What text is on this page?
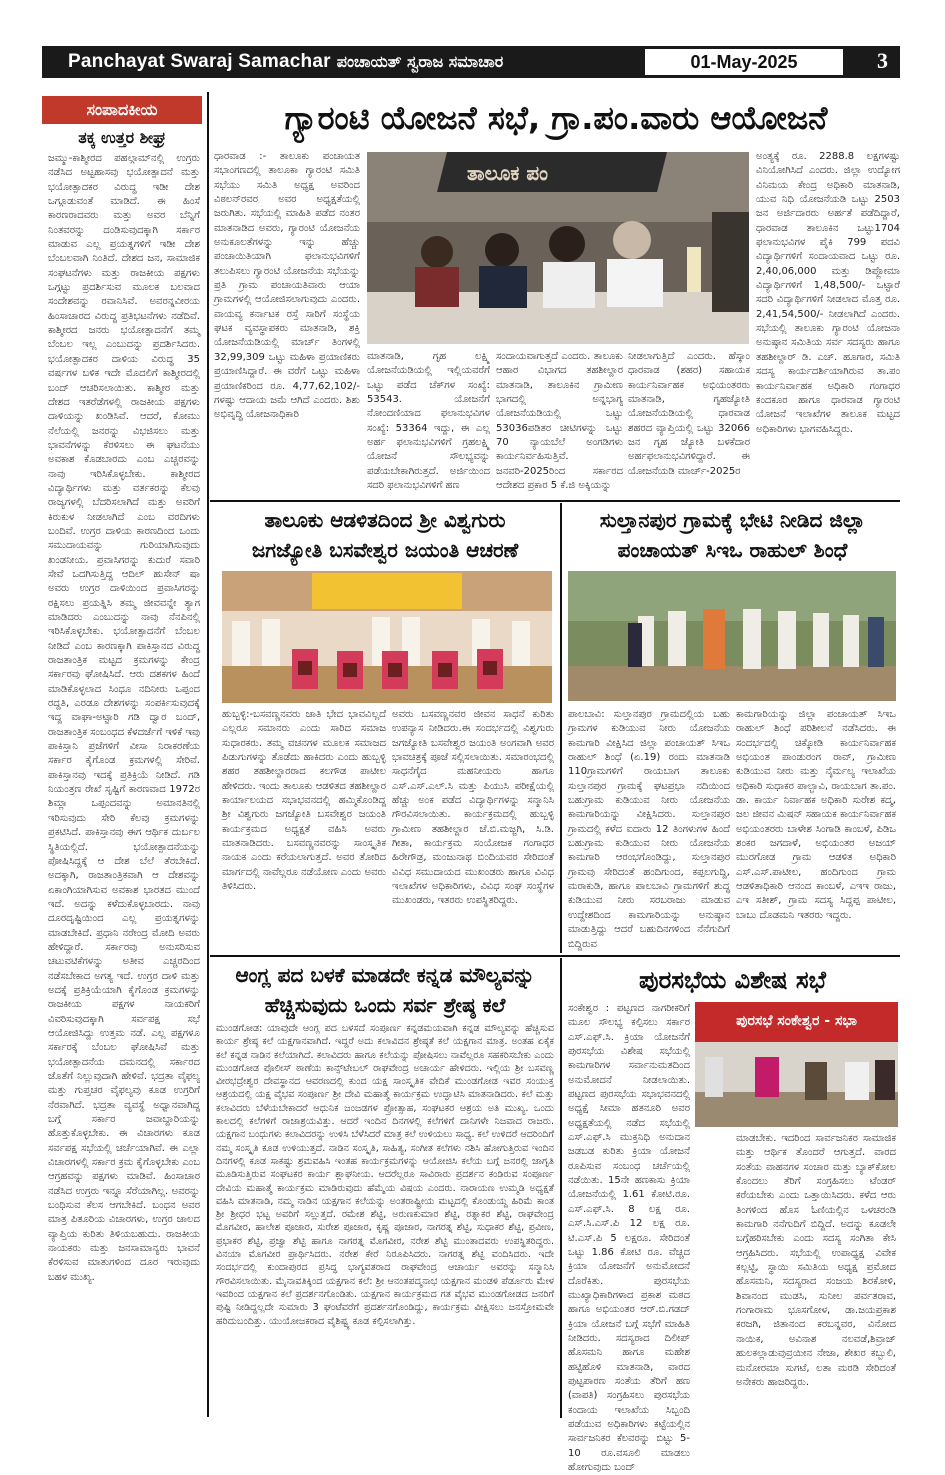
Panchayat Swaraj Samachar ಪಂಚಾಯತ್ ಸ್ವರಾಜ ಸಮಾಚಾರ	01-May-2025	3
ಸಂಪಾದಕೀಯ
ತಕ್ಕ ಉತ್ತರ ಶೀಘ್ರ

ಜಮ್ಮು-ಕಾಶ್ಮೀರದ ಪಹಲ್ಗಾಮ್‌ನಲ್ಲಿ ಉಗ್ರರು ನಡೆಸಿದ ಅಟ್ಟಹಾಸವು ಭಯೋತ್ಪಾದನೆ ಮತ್ತು ಭಯೋತ್ಪಾದಕರ ವಿರುದ್ಧ ಇಡೀ ದೇಶ ಒಗ್ಗೂಡುವಂತೆ ಮಾಡಿದೆ. ಈ ಹಿಂಸೆ ಕಾರಣರಾದವರು ಮತ್ತು ಅವರ ಬೆನ್ನಿಗೆ ನಿಂತವರನ್ನು ದಂಡಿಸುವುದಕ್ಕಾಗಿ ಸರ್ಕಾರ ಮಾಡುವ ಎಲ್ಲ ಪ್ರಯತ್ನಗಳಿಗೆ ಇಡೀ ದೇಶ ಬೆಂಬಲವಾಗಿ ನಿಂತಿದೆ. ದೇಶದ ಜನ, ಸಾಮಾಜಿಕ ಸಂಘಟನೆಗಳು ಮತ್ತು ರಾಜಕೀಯ ಪಕ್ಷಗಳು ಒಗ್ಗಟ್ಟು ಪ್ರದರ್ಶಿಸುವ ಮೂಲಕ ಬಲವಾದ ಸಂದೇಶವನ್ನು ರವಾನಿಸಿವೆ. ಅವರನ್ನವೀರಯ ಹಿಂಸಾಚಾರದ ವಿರುದ್ಧ ಪ್ರತಿಭಟನೆಗಳು ನಡೆದಿವೆ. ಕಾಶ್ಮೀರದ ಜನರು ಭಯೋತ್ಪಾದನೆಗೆ ತಮ್ಮ ಬೆಂಬಲ ಇಲ್ಲ ಎಂಬುದನ್ನು ಪ್ರದರ್ಶಿಸಿದರು. ಭಯೋತ್ಪಾದಕರ ದಾಳಿಯ ವಿರುದ್ಧ 35 ವರ್ಷಗಳ ಬಳಿಕ ಇದೇ ಮೊದಲಿಗೆ ಕಾಶ್ಮೀರದಲ್ಲಿ ಬಂದ್ ಆಚರಿಸಲಾಯಿತು. ಕಾಶ್ಮೀರ ಮತ್ತು ದೇಶದ ಇತರೆಡೆಗಳಲ್ಲಿ ರಾಜಕೀಯ ಪಕ್ಷಗಳು ದಾಳಿಯನ್ನು ಖಂಡಿಸಿವೆ. ಆದರೆ, ಕೋಮು ನೆಲೆಯಲ್ಲಿ ಜನರನ್ನು ವಿಭಜಿಸಲು ಮತ್ತು ಭಾವನೆಗಳನ್ನು ಕೆರಳಿಸಲು ಈ ಘಟನೆಯು ಅವಕಾಶ ಕೊಡಬಾರದು ಎಂಬ ಎಚ್ಚರವನ್ನು ನಾವು ಇರಿಸಿಕೊಳ್ಳಬೇಕು. ಕಾಶ್ಮೀರದ ವಿದ್ಯಾರ್ಥಿಗಳು ಮತ್ತು ವರ್ತಕರನ್ನು ಕೆಲವು ರಾಜ್ಯಗಳಲ್ಲಿ ಬೆದರಿಸಲಾಗಿದೆ ಮತ್ತು ಅವರಿಗೆ ಕಿರುಕುಳ ನೀಡಲಾಗಿದೆ ಎಂಬ ವರದಿಗಳು ಬಂದಿವೆ. ಉಗ್ರರ ದಾಳಿಯ ಕಾರಣದಿಂದ ಒಂದು ಸಮುದಾಯವನ್ನು ಗುರಿಯಾಗಿಸುವುದು ಖಂಡನೀಯ. ಪ್ರವಾಸಿಗರನ್ನು ಕುದುರೆ ಸವಾರಿ ಸೇವೆ ಒದಗಿಸುತ್ತಿದ್ದ ಆದಿಲ್ ಹುಸೇನ್ ಷಾ ಅವರು ಉಗ್ರರ ದಾಳಿಯಿಂದ ಪ್ರವಾಸಿಗರನ್ನು ರಕ್ಷಿಸಲು ಪ್ರಯತ್ನಿಸಿ ತಮ್ಮ ಜೀವವನ್ನೇ ತ್ಯಾಗ ಮಾಡಿದರು ಎಂಬುದನ್ನು ನಾವು ನೆನಪಿನಲ್ಲಿ ಇರಿಸಿಕೊಳ್ಳಬೇಕು. ಭಯೋತ್ಪಾದನೆಗೆ ಬೆಂಬಲ ನೀಡಿದೆ ಎಂಬ ಕಾರಣಕ್ಕಾಗಿ ಪಾಕಿಸ್ತಾನದ ವಿರುದ್ಧ ರಾಜತಾಂತ್ರಿಕ ಮಟ್ಟದ ಕ್ರಮಗಳನ್ನು ಕೇಂದ್ರ ಸರ್ಕಾರವು ಘೋಷಿಸಿದೆ. ಆರು ದಶಕಗಳ ಹಿಂದೆ ಮಾಡಿಕೊಳ್ಳಲಾದ ಸಿಂಧೂ ನದಿನೀರು ಒಪ್ಪಂದ ರದ್ದತಿ, ಎರಡೂ ದೇಶಗಳನ್ನು ಸಂಪರ್ಕಿಸುವುದಕ್ಕೆ ಇದ್ದ ವಾಘಾ-ಅಟ್ಟಾರಿ ಗಡಿ ದ್ವಾರ ಬಂದ್, ರಾಜತಾಂತ್ರಿಕ ಸಂಬಂಧದ ಕೆಳದರ್ಜೆಗೆ ಇಳಿಕೆ ಇವು ಪಾಕಿಸ್ತಾನಿ ಪ್ರಜೆಗಳಿಗೆ ವೀಸಾ ನಿರಾಕರಣೆಯ ಸರ್ಕಾರ ಕೈಗೊಂಡ ಕ್ರಮಗಳಲ್ಲಿ ಸೇರಿವೆ. ಪಾಕಿಸ್ತಾನವು ಇದಕ್ಕೆ ಪ್ರತಿಕ್ರಿಯೆ ನೀಡಿದೆ. ಗಡಿ ನಿಯಂತ್ರಣ ರೇಖೆ ಸೃಷ್ಟಿಗೆ ಕಾರಣವಾದ 1972ರ ಶಿಮ್ಲಾ ಒಪ್ಪಂದವನ್ನು ಅಮಾನತಿನಲ್ಲಿ ಇರಿಸುವುದು ಸೇರಿ ಕೆಲವು ಕ್ರಮಗಳನ್ನು ಪ್ರಕಟಿಸಿದೆ. ಪಾಕಿಸ್ತಾನವು ಈಗ ಆರ್ಥಿಕ ದುರ್ಬಲ ಸ್ಥಿತಿಯಲ್ಲಿದೆ. ಭಯೋತ್ಪಾದನೆಯನ್ನು ಪೋಷಿಸಿದ್ದಕ್ಕೆ ಆ ದೇಶ ಬೆಲೆ ತೆರಬೇಕಿದೆ. ಅದಕ್ಕಾಗಿ, ರಾಜತಾಂತ್ರಿಕವಾಗಿ ಆ ದೇಶವನ್ನು ಏಕಾಂಗಿಯಾಗಿಸುವ ಅವಕಾಶ ಭಾರತದ ಮುಂದೆ ಇದೆ. ಅದನ್ನು ಕಳೆದುಕೊಳ್ಳಬಾರದು. ನಾವು ದೂರದೃಷ್ಟಿಯಿಂದ ಎಲ್ಲ ಪ್ರಯತ್ನಗಳನ್ನು ಮಾಡಬೇಕಿದೆ. ಪ್ರಧಾನಿ ನರೇಂದ್ರ ಮೋದಿ ಅವರು ಹೇಳಿದ್ದಾರೆ. ಸರ್ಕಾರವು ಅನುಸರಿಸುವ ಚಟುವಟಿಕೆಗಳನ್ನು ಅತೀವ ಎಚ್ಚರದಿಂದ ನಡೆಸಬೇಕಾದ ಅಗತ್ಯ ಇದೆ. ಉಗ್ರರ ದಾಳಿ ಮತ್ತು ಅದಕ್ಕೆ ಪ್ರತಿಕ್ರಿಯೆಯಾಗಿ ಕೈಗೊಂಡ ಕ್ರಮಗಳನ್ನು ರಾಜಕೀಯ ಪಕ್ಷಗಳ ನಾಯಕರಿಗೆ ವಿವರಿಸುವುದಕ್ಕಾಗಿ ಸರ್ವಪಕ್ಷ ಸಭೆ ಆಯೋಜಿಸಿದ್ದು ಉತ್ತಮ ನಡೆ. ಎಲ್ಲ ಪಕ್ಷಗಳೂ ಸರ್ಕಾರಕ್ಕೆ ಬೆಂಬಲ ಘೋಷಿಸಿವೆ ಮತ್ತು ಭಯೋತ್ಪಾದನೆಯ ದಮನದಲ್ಲಿ ಸರ್ಕಾರದ ಜೊತೆಗೆ ನಿಲ್ಲುವುದಾಗಿ ಹೇಳಿವೆ. ಭದ್ರತಾ ವೈಫಲ್ಯ ಮತ್ತು ಗುಪ್ತಚರ ವೈಫಲ್ಯವು ಕೂಡ ಉಗ್ರರಿಗೆ ನೆರವಾಗಿದೆ. ಭದ್ರತಾ ವ್ಯವಸ್ಥೆ ಅಧ್ವಾನವಾಗಿದ್ದ ಬಗ್ಗೆ ಸರ್ಕಾರ ಜವಾಬ್ದಾರಿಯನ್ನು ಹೊತ್ತುಕೊಳ್ಳಬೇಕು. ಈ ವಿಚಾರಗಳು ಕೂಡ ಸರ್ವಪಕ್ಷ ಸಭೆಯಲ್ಲಿ ಚರ್ಚೆಯಾಗಿವೆ. ಈ ಎಲ್ಲಾ ವಿಚಾರಗಳಲ್ಲಿ ಸರ್ಕಾರ ಕ್ರಮ ಕೈಗೊಳ್ಳಬೇಕು ಎಂಬ ಆಗ್ರಹವನ್ನು ಪಕ್ಷಗಳು ಮಾಡಿವೆ. ಹಿಂಸಾಚಾರ ನಡೆಸಿದ ಉಗ್ರರು ಇನ್ನೂ ಸೆರೆಯಾಗಿಲ್ಲ. ಅವರನ್ನು ಬಂಧಿಸುವ ಕೆಲಸ ಆಗಬೇಕಿದೆ. ಬಂಧನ ಅವರ ಮಾತ್ರ ಪಿತೂರಿಯ ವಿಚಾರಗಳು, ಉಗ್ರರ ಜಾಲದ ವ್ಯಾಪ್ತಿಯ ಕುರಿತು ತಿಳಿಯಬಹುದು. ರಾಜಕೀಯ ನಾಯಕರು ಮತ್ತು ಜನಸಾಮಾನ್ಯರು ಭಾವನೆ ಕೆರಳಿಸುವ ಮಾತುಗಳಿಂದ ದೂರ ಇರುವುದು ಬಹಳ ಮುಖ್ಯ.

ಗ್ಯಾರಂಟಿ ಯೋಜನೆ ಸಭೆ, ಗ್ರಾ.ಪಂ.ವಾರು ಆಯೋಜನೆ

ಧಾರವಾಡ :- ತಾಲೂಕು ಪಂಚಾಯತ ಸಭಾಂಗಣದಲ್ಲಿ ತಾಲೂಕಾ ಗ್ಯಾರಂಟಿ ಸಮಿತಿ ಸಭೆಯು ಸಮಿತಿ ಅಧ್ಯಕ್ಷ ಅವರಿಂದ ವಿಠಲನ್‌ರವರ ಅವರ ಅಧ್ಯಕ್ಷತೆಯಲ್ಲಿ ಜರುಗಿತು. ಸಭೆಯಲ್ಲಿ ಮಾಹಿತಿ ಪಡೆದ ನಂತರ ಮಾತನಾಡಿದ ಅವರು, ಗ್ಯಾರಂಟಿ ಯೋಜನೆಯ ಅನುಕೂಲತೆಗಳನ್ನು ಇನ್ನು ಹೆಚ್ಚು ಪಂಚಾಯಿತಿಯಾಗಿ ಫಲಾನುಭವಿಗಳಿಗೆ ತಲುಪಿಸಲು ಗ್ಯಾರಂಟಿ ಯೋಜನೆಯ ಸಭೆಯನ್ನು ಪ್ರತಿ ಗ್ರಾಮ ಪಂಚಾಯತಿವಾರು ಆಯಾ ಗ್ರಾಮಗಳಲ್ಲಿ ಆಯೋಜಿಸಲಾಗುವುದು ಎಂದರು. ವಾಯವ್ಯ ಕರ್ನಾಟಕ ರಸ್ತೆ ಸಾರಿಗೆ ಸಂಸ್ಥೆಯ ಘಟಕ ವ್ಯವಸ್ಥಾಪಕರು ಮಾತನಾಡಿ, ಶಕ್ತಿ ಯೋಜನೆಯಡಿಯಲ್ಲಿ ಮಾರ್ಚ್ ತಿಂಗಳಲ್ಲಿ 32,99,309 ಒಟ್ಟು ಮಹಿಳಾ ಪ್ರಯಾಣಿಕರು ಪ್ರಯಾಣಿಸಿದ್ದಾರೆ. ಈ ವರೆಗೆ ಒಟ್ಟು ಮಹಿಳಾ ಪ್ರಯಾಣಿಕರಿಂದ ರೂ. 4,77,62,102/- ಗಳಷ್ಟು ಆದಾಯ ಜಮೆ ಆಗಿದೆ ಎಂದರು. ಶಿಶು ಅಭಿವೃದ್ಧಿ ಯೋಜನಾಧಿಕಾರಿ

ತಾಲೂಕ ಪಂ

ಮಾತನಾಡಿ, ಗೃಹ ಲಕ್ಷ್ಮಿ ಯೋಜನೆಯಡಿಯಲ್ಲಿ ಇಲ್ಲಿಯವರೆಗೆ ಒಟ್ಟು ಪಡೆದ ಚೆಕ್‌ಗಳ ಸಂಖ್ಯೆ: 53543. ಯೋಜನೆಗೆ ನೋಂದಣಿಯಾದ ಫಲಾನುಭವಿಗಳ ಸಂಖ್ಯೆ: 53364 ಇದ್ದು, ಈ ಎಲ್ಲ ಅರ್ಹ ಫಲಾನುಭವಿಗಳಿಗೆ ಗ್ರಹಲಕ್ಷ್ಮಿ ಯೋಜನೆ ಸೌಲಭ್ಯವನ್ನು ಪಡೆಯಬೇಕಾಗಿರುತ್ತದೆ. ಅರ್ಜಿಯಿಂದ ಸದರಿ ಫಲಾನುಭವಿಗಳಿಗೆ ಹಣ

ಸಂದಾಯವಾಗುತ್ತದೆ ಎಂದರು. ತಾಲೂಕು ಆಹಾರ ವಿಭಾಗದ ತಹಶೀಲ್ದಾರ ಮಾತನಾಡಿ, ತಾಲೂಕಿನ ಗ್ರಾಮೀಣ ಭಾಗದಲ್ಲಿ ಅನ್ನಭಾಗ್ಯ ಯೋಜನೆಯಡಿಯಲ್ಲಿ ಒಟ್ಟು 53036ಪಡಿತರ ಚೀಟಿಗಳನ್ನು ಒಟ್ಟು 70 ನ್ಯಾಯಬೆಲೆ ಅಂಗಡಿಗಳು ಕಾರ್ಯನಿರ್ವಹಿಸುತ್ತಿವೆ. ಜನವರಿ-2025ರಿಂದ ಸರ್ಕಾರದ ಆದೇಶದ ಪ್ರಕಾರ 5 ಕೆ.ಜಿ ಅಕ್ಕಿಯನ್ನು

ನೀಡಲಾಗುತ್ತಿದೆ ಎಂದರು. ಹೆಸ್ಕಾಂ ಧಾರವಾಡ (ಶಹರ) ಸಹಾಯಕ ಕಾರ್ಯನಿರ್ವಾಹಕ ಅಭಿಯಂತರರು ಮಾತನಾಡಿ, ಗೃಹಜ್ಯೋತಿ ಯೋಜನೆಯಡಿಯಲ್ಲಿ ಧಾರವಾಡ ಶಹರದ ವ್ಯಾಪ್ತಿಯಲ್ಲಿ ಒಟ್ಟು 32066 ಜನ ಗೃಹ ಜ್ಯೋತಿ ಬಳಕೆದಾರ ಅರ್ಹಫಲಾನುಭವಿಗಳಿದ್ದಾರೆ. ಈ ಯೋಜನೆಯಡಿ ಮಾರ್ಚ್-2025ರ

ಅಂತ್ಯಕ್ಕೆ ರೂ. 2288.8 ಲಕ್ಷಗಳಷ್ಟು ವಿನಿಯೋಗಿಸಿದೆ ಎಂದರು. ಜಿಲ್ಲಾ ಉದ್ಯೋಗ ವಿನಿಮಯ ಕೇಂದ್ರ ಅಧಿಕಾರಿ ಮಾತನಾಡಿ, ಯುವ ನಿಧಿ ಯೋಜನೆಯಡಿ ಒಟ್ಟು 2503 ಜನ ಅರ್ಜಿದಾರರು ಅರ್ಹತೆ ಪಡೆದಿದ್ದಾರೆ, ಧಾರವಾಡ ತಾಲೂಕಿನ ಒಟ್ಟು1704 ಫಲಾನುಭವಿಗಳ ಪೈಕಿ 799 ಪದವಿ ವಿದ್ಯಾರ್ಥಿಗಳಿಗೆ ಸಂದಾಯವಾದ ಒಟ್ಟು ರೂ. 2,40,06,000 ಮತ್ತು ಡಿಪ್ಲೋಮಾ ವಿದ್ಯಾರ್ಥಿಗಳಿಗೆ 1,48,500/- ಒಟ್ಟಾರೆ ಸದರಿ ವಿದ್ಯಾರ್ಥಿಗಳಿಗೆ ನೀಡಲಾದ ಮೊತ್ತ ರೂ. 2,41,54,500/- ನೀಡಲಾಗಿದೆ ಎಂದರು. ಸಭೆಯಲ್ಲಿ ತಾಲೂಕು ಗ್ಯಾರಂಟಿ ಯೋಜನಾ ಅನುಷ್ಠಾನ ಸಮಿತಿಯ ಸರ್ವ ಸದಸ್ಯರು ಹಾಗೂ ತಹಶೀಲ್ದಾರ್ ಡಿ. ಎಚ್. ಹೂಗಾರ, ಸಮಿತಿ ಸದಸ್ಯ ಕಾರ್ಯದರ್ಶಿಯಾಗಿರುವ ತಾ.ಪಂ ಕಾರ್ಯನಿರ್ವಾಹಕ ಅಧಿಕಾರಿ ಗಂಗಾಧರ ಕಂದಕೂರ ಹಾಗೂ ಧಾರವಾಡ ಗ್ಯಾರಂಟಿ ಯೋಜನೆ ಇಲಾಖೆಗಳ ತಾಲೂಕ ಮಟ್ಟದ ಅಧಿಕಾರಿಗಳು ಭಾಗವಹಿಸಿದ್ದರು.

ತಾಲೂಕು ಆಡಳಿತದಿಂದ ಶ್ರೀ ವಿಶ್ವಗುರು
ಜಗಜ್ಯೋತಿ ಬಸವೇಶ್ವರ ಜಯಂತಿ ಆಚರಣೆ

ಹುಬ್ಬಳ್ಳಿ:-ಬಸವಣ್ಣನವರು ಜಾತಿ ಭೇದ ಭಾವವಿಲ್ಲದೆ ಎಲ್ಲರೂ ಸಮಾನರು ಎಂದು ಸಾರಿದ ಸಮಾಜ ಸುಧಾರಕರು. ತಮ್ಮ ವಚನಗಳ ಮೂಲಕ ಸಮಾಜದ ಪಿಡುಗುಗಳನ್ನು ತೊಡೆದು ಹಾಕಿದರು ಎಂದು ಹುಬ್ಬಳ್ಳಿ ಶಹರ ತಹಶೀಲ್ದಾರರಾದ ಕಲಗೌಡ ಪಾಟೀಲ ಹೇಳಿದರು. ಇಂದು ತಾಲೂಕು ಆಡಳಿತದ ತಹಶೀಲ್ದಾರ ಕಾರ್ಯಾಲಯದ ಸಭಾಭವನದಲ್ಲಿ ಹಮ್ಮಿಕೊಂಡಿದ್ದ ಶ್ರೀ ವಿಶ್ವಗುರು ಜಗಜ್ಯೋತಿ ಬಸವೇಶ್ವರ ಜಯಂತಿ ಕಾರ್ಯಕ್ರಮದ ಅಧ್ಯಕ್ಷತೆ ವಹಿಸಿ ಅವರು ಮಾತನಾಡಿದರು. ಬಸವಣ್ಣನವರನ್ನು ಸಾಂಸ್ಕೃತಿಕ ನಾಯಕ ಎಂದು ಕರೆಯಲಾಗುತ್ತದೆ. ಅವರ ತೋರಿದ ಮಾರ್ಗದಲ್ಲಿ ನಾವೆಲ್ಲರೂ ನಡೆಯೋಣ ಎಂದು ಅವರು ತಿಳಿಸಿದರು.

ಅವರು ಬಸವಣ್ಣನವರ ಜೀವನ ಸಾಧನೆ ಕುರಿತು ಉಪನ್ಯಾಸ ನೀಡಿದರು.ಈ ಸಂದರ್ಭದಲ್ಲಿ ವಿಶ್ವಗುರು ಜಗಜ್ಯೋತಿ ಬಸವೇಶ್ವರ ಜಯಂತಿ ಅಂಗವಾಗಿ ಅವರ ಭಾವಚಿತ್ರಕ್ಕೆ ಪೂಜೆ ಸಲ್ಲಿಸಲಾಯಿತು. ಸಮಾರಂಭದಲ್ಲಿ ಸಾಧನೆಗೈದ ಮಹನೀಯರು ಹಾಗೂ ಎಸ್.ಎಸ್.ಎಲ್.ಸಿ ಮತ್ತು ಪಿಯುಸಿ ಪರೀಕ್ಷೆಯಲ್ಲಿ ಹೆಚ್ಚು ಅಂಕ ಪಡೆದ ವಿದ್ಯಾರ್ಥಿಗಳನ್ನು ಸನ್ಮಾನಿಸಿ ಗೌರವಿಸಲಾಯಿತು. ಕಾರ್ಯಕ್ರಮದಲ್ಲಿ ಹುಬ್ಬಳ್ಳಿ ಗ್ರಾಮೀಣ ತಹಶೀಲ್ದಾರ ಜೆ.ಬಿ.ಮಜ್ಜಗಿ, ಸಿ.ಡಿ. ಗೀತಾ, ಕಾರ್ಯಕ್ರಮ ಸಂಯೋಜಕ ಗಂಗಾಧರ ಹಿರೇಗೌಡ್ರ, ಮಂಜುನಾಥ ಬಿಂದಿಯವರ ಸೇರಿದಂತೆ ವಿವಿಧ ಸಮುದಾಯದ ಮುಖಂಡರು ಹಾಗೂ ವಿವಿಧ ಇಲಾಖೆಗಳ ಅಧಿಕಾರಿಗಳು, ವಿವಿಧ ಸಂಘ ಸಂಸ್ಥೆಗಳ ಮುಖಂಡರು, ಇತರರು ಉಪಸ್ಥಿತರಿದ್ದರು.

ಸುಲ್ತಾನಪುರ ಗ್ರಾಮಕ್ಕೆ ಭೇಟಿ ನೀಡಿದ ಜಿಲ್ಲಾ
ಪಂಚಾಯತ್ ಸಿಇಒ ರಾಹುಲ್ ಶಿಂಧೆ

ಪಾಲಬಾವಿ: ಸುಲ್ತಾನಪುರ ಗ್ರಾಮದಲ್ಲಿಯ ಬಹು ಗ್ರಾಮಗಳ ಕುಡಿಯುವ ನೀರು ಯೋಜನೆಯ ಕಾಮಗಾರಿ ವೀಕ್ಷಿಸಿದ ಜಿಲ್ಲಾ ಪಂಚಾಯತ್ ಸಿಇಒ ರಾಹುಲ್ ಶಿಂಧೆ (ಏ.19) ರಂದು ಮಾತನಾಡಿ 110ಗ್ರಾಮಗಳಿಗೆ ರಾಯಬಾಗ ತಾಲೂಕು ಸುಲ್ತಾನಪುರ ಗ್ರಾಮಕ್ಕೆ ಘಟಪ್ರಭಾ ನದಿಯಿಂದ ಬಹುಗ್ರಾಮ ಕುಡಿಯುವ ನೀರು ಯೋಜನೆಯ ಕಾಮಗಾರಿಯನ್ನು ವೀಕ್ಷಿಸಿದರು. ಸುಲ್ತಾನಪುರ ಗ್ರಾಮದಲ್ಲಿ ಕಳೆದ ಐದಾರು 12 ತಿಂಗಳುಗಳ ಹಿಂದೆ ಬಹುಗ್ರಾಮ ಕುಡಿಯುವ ನೀರು ಯೋಜನೆಯ ಕಾಮಗಾರಿ ಆರಂಭಗೊಂಡಿದ್ದು, ಸುಲ್ತಾನಪುರ ಗ್ರಾಮವು ಸೇರಿದಂತೆ ಹಂದಿಗುಂದ, ಕಪ್ಪಲಗುದ್ದಿ, ಮರಾಕುಡಿ, ಹಾಗೂ ಪಾಲಬಾವಿ ಗ್ರಾಮಗಳಿಗೆ ಶುದ್ಧ ಕುಡಿಯುವ ನೀರು ಸರಬರಾಜು ಮಾಡುವ ಉದ್ದೇಶದಿಂದ ಕಾಮಗಾರಿಯನ್ನು ಅನುಷ್ಠಾನ ಮಾಡುತ್ತಿದ್ದು ಆದರೆ ಬಹುದಿನಗಳಿಂದ ನೆನೆಗುದಿಗೆ ಬಿದ್ದಿರುವ

ಕಾಮಗಾರಿಯನ್ನು ಜಿಲ್ಲಾ ಪಂಚಾಯತ್ ಸಿಇಒ ರಾಹುಲ್ ಶಿಂಧೆ ಪರಿಶೀಲನೆ ನಡೆಸಿದರು. ಈ ಸಂದರ್ಭದಲ್ಲಿ ಚಿಕ್ಕೋಡಿ ಕಾರ್ಯನಿರ್ವಾಹಕ ಅಭಿಯಂತ ಪಾಂಡುರಂಗ ರಾವ್, ಗ್ರಾಮೀಣ ಕುಡಿಯುವ ನೀರು ಮತ್ತು ನೈರ್ಮಲ್ಯ ಇಲಾಖೆಯ ಅಧಿಕಾರಿ ಸುಧಾಕರ ಪಾಲ್ಭಾವಿ, ರಾಯಬಾಗ ತಾ.ಪಂ. ಡಾ. ಕಾರ್ಯ ನಿರ್ವಾಹಕ ಅಧಿಕಾರಿ ಸುರೇಶ ಕದ್ಮ, ಜಲ ಜೀವನ ಮಿಷನ್ ಸಹಾಯಕ ಕಾರ್ಯನಿರ್ವಾಹಕ ಅಭಿಯಂತರರು ಬಾಳೇಶ ಸಿಂಗಾಡಿ ಕಾಂಬಳೆ, ಪಿಡಿಒ ಶಂಕರ ಜಗದಾಳೆ, ಅಭಿಯಂತರ ಅಜಯ್ ಮುರಗೋಡ ಗ್ರಾಮ ಆಡಳಿತ ಅಧಿಕಾರಿ ಎಸ್.ಎಸ್.ಪಾಟೀಲ, ಹಂದಿಗುಂದ ಗ್ರಾಮ ಆಡಳಿತಾಧಿಕಾರಿ ಆನಂದ ಕಾಂಬಳೆ, ಎಇಇ ರಾಜು, ಎಇ ಸತೀಶ್, ಗ್ರಾಮ ಸದಸ್ಯ ಸಿದ್ದಪ್ಪ ಪಾಟೀಲ, ಬಾಬು ದೊಡಮನಿ ಇತರರು ಇದ್ದರು.

ಆಂಗ್ಲ ಪದ ಬಳಕೆ ಮಾಡದೇ ಕನ್ನಡ ಮೌಲ್ಯವನ್ನು
ಹೆಚ್ಚಿಸುವುದು ಒಂದು ಸರ್ವ ಶ್ರೇಷ್ಠ ಕಲೆ

ಮುಂಡಗೋಡ: ಯಾವುದೇ ಆಂಗ್ಲ ಪದ ಬಳಸದೆ ಸಂಪೂರ್ಣ ಕನ್ನಡಮಯವಾಗಿ ಕನ್ನಡ ಮೌಲ್ಯವನ್ನು ಹೆಚ್ಚಿಸುವ ಕಾರ್ಯ ಶ್ರೇಷ್ಠ ಕಲೆ ಯಕ್ಷಗಾನವಾಗಿದೆ. ಇದ್ದರೆ ಅದು ಕಲಾವಿದನ ಶ್ರೇಷ್ಠತೆ ಕಲೆ ಯಕ್ಷಗಾನ ಮಾತ್ರ. ಅಂತಹ ಏಕೈಕ ಕಲೆ ಕನ್ನಡ ನಾಡಿನ ಕಲೆಯಾಗಿದೆ. ಕಲಾವಿದರು ಹಾಗೂ ಕಲೆಯನ್ನು ಪೋಷಿಸಲು ನಾವೆಲ್ಲರೂ ಸಹಕರಿಸಬೇಕು ಎಂದು ಮುಂಡಗೋಡ ಪೊಲೀಸ್ ಠಾಣೆಯ ಕಾನ್ಸ್‌ಟೇಬಲ್ ರಾಘವೇಂದ್ರ ಅಚಾರ್ಯ ಹೇಳಿದರು. ಇಲ್ಲಿಯ ಶ್ರೀ ಬಸವಣ್ಣ ವೀರಭದ್ರೇಶ್ವರ ದೇವಸ್ಥಾನದ ಆವರಣದಲ್ಲಿ ಕುಂದ ಯಕ್ಷ ಸಾಂಸ್ಕೃತಿಕ ವೇದಿಕೆ ಮುಂಡಗೋಡ ಇವರ ಸಂಯುಕ್ತ ಆಶ್ರಯದಲ್ಲಿ ಯಕ್ಷ ವೈಭವ ಸಂಪೂರ್ಣ ಶ್ರೀ ದೇವಿ ಮಹಾತ್ಮೆ ಕಾರ್ಯಕ್ರಮ ಉದ್ಘಾಟಿಸಿ ಮಾತನಾಡಿದರು. ಕಲೆ ಮತ್ತು ಕಲಾವಿದರು ಬೆಳೆಯಬೇಕಾದರೆ ಆಧುನಿಕ ಜಂಜಡಗಳ ಪ್ರೋತ್ಸಾಹ, ಸಂಘಟಕರ ಆಶ್ರಯ ಅತಿ ಮುಖ್ಯ. ಒಂದು ಕಾಲದಲ್ಲಿ ಕಲೆಗಳಿಗೆ ರಾಜಾಶ್ರಯವಿತ್ತು. ಆದರೆ ಇಂದಿನ ದಿನಗಳಲ್ಲಿ ಕಲೆಗಳಿಗೆ ದಾನಿಗಳೇ ನಿಜವಾದ ರಾಜರು. ಯಕ್ಷಗಾನ ಬಂಧುಗಳು ಕಲಾವಿದರನ್ನು ಉಳಿಸಿ ಬೆಳೆಸಿದರೆ ಮಾತ್ರ ಕಲೆ ಉಳಿಯಲು ಸಾಧ್ಯ. ಕಲೆ ಉಳಿದರೆ ಆದರಿಂದಿಗೆ ನಮ್ಮ ಸಂಸ್ಕೃತಿ ಕೂಡ ಉಳಿಯುತ್ತದೆ. ನಾಡಿನ ಸಂಸ್ಕೃತಿ, ಸಾಹಿತ್ಯ, ಸಂಗೀತ ಕಲೆಗಳು ನಶಿಸಿ ಹೋಗುತ್ತಿರುವ ಇಂದಿನ ದಿನಗಳಲ್ಲಿ ಕೂಡ ಸಾಕಷ್ಟು ಶ್ರಮವಹಿಸಿ ಇಂತಹ ಕಾರ್ಯಕ್ರಮಗಳನ್ನು ಆಯೋಜಿಸಿ ಕಲೆಯ ಬಗ್ಗೆ ಜನರಲ್ಲಿ ಜಾಗೃತಿ ಮೂಡಿಸುತ್ತಿರುವ ಸಂಘಟಕರ ಕಾರ್ಯ ಶ್ಲಾಘನೀಯ. ಆದರೆಲ್ಲರೂ ಸಾವಿರಾರು ಪ್ರದರ್ಶನ ಕಂಡಿರುವ ಸಂಪೂರ್ಣ ದೇವಿಯ ಮಹಾತ್ಮೆ ಕಾರ್ಯಕ್ರಮ ಮಾಡಿರುವುದು ಹೆಮ್ಮೆಯ ವಿಷಯ ಎಂದರು. ನಾರಾಯಣ ಉಮ್ಮಡಿ ಅಧ್ಯಕ್ಷತೆ ವಹಿಸಿ ಮಾತನಾಡಿ, ನಮ್ಮ ನಾಡಿನ ಯಕ್ಷಗಾನ ಕಲೆಯನ್ನು ಅಂತರಾಷ್ಟ್ರೀಯ ಮಟ್ಟದಲ್ಲಿ ಕೊಂಡುಯ್ದ ಹಿರಿಮೆ ಕಾಂತ ಶ್ರೀ ಶ್ರೀಧರ ಭಟ್ಟ ಅವರಿಗೆ ಸಲ್ಲುತ್ತದೆ. ರಮೇಶ ಶೆಟ್ಟಿ, ಅರುಣಕುಮಾರ ಶೆಟ್ಟಿ, ರತ್ನಾಕರ ಶೆಟ್ಟಿ, ರಾಘವೇಂದ್ರ ಮೊಗವೀರ, ಹಾಲೇಶ ಪೂಜಾರ, ಸುರೇಶ ಪೂಜಾರ, ಕೃಷ್ಣ ಪೂಜಾರ, ನಾಗರತ್ನ ಶೆಟ್ಟಿ, ಸುಧಾಕರ ಶೆಟ್ಟಿ, ಪ್ರವೀಣ, ಪ್ರಭಾಕರ ಶೆಟ್ಟಿ, ಪ್ರಜ್ವಾ ಶೆಟ್ಟಿ ಹಾಗೂ ನಾಗರತ್ನ ಮೊಗವೀರ, ನರೇಶ ಶೆಟ್ಟಿ ಮುಂತಾದವರು ಉಪಸ್ಥಿತರಿದ್ದರು. ವಿನಯಾ ಮೊಗವೀರ ಪ್ರಾರ್ಥಿಸಿದರು. ನರೇಶ ಕೇರೆ ನಿರೂಪಿಸಿದರು. ನಾಗರತ್ನ ಶೆಟ್ಟಿ ವಂದಿಸಿದರು. ಇದೇ ಸಂದರ್ಭದಲ್ಲಿ ಕುಂದಾಪುರದ ಪ್ರಸಿದ್ಧ ಭಾಗ್ಯವತರಾದ ರಾಘವೇಂದ್ರ ಆಚಾರ್ಯ ಅವರನ್ನು ಸನ್ಮಾನಿಸಿ ಗೌರವಿಸಲಾಯಿತು. ಮೈನಾವತಿಕ್ಕಿಂದ ಯಕ್ಷಗಾನ ಕಲೆ: ಶ್ರೀ ಆನಂತಪದ್ಮನಾಭ ಯಕ್ಷಗಾನ ಮಂಡಳಿ ಪೆರ್ಡೂರು ಮೇಳ ಇವರಿಂದ ಯಕ್ಷಗಾನ ಕಲೆ ಪ್ರದರ್ಶನಗೊಂಡಿತು. ಯಕ್ಷಗಾನ ಕಾರ್ಯಕ್ರಮದ ಗತ ವೈಭವ ಮುಂಡಗೋಡದ ಜನರಿಗೆ ಪುಷ್ಟಿ ನೀಡಿದ್ದಲ್ಲದೇ ಸುಮಾರು 3 ಘಂಟೆವರೆಗೆ ಪ್ರದರ್ಶನಗೊಂಡಿದ್ದು, ಕಾರ್ಯಕ್ರಮ ವೀಕ್ಷಿಸಲು ಜನಸ್ತೋಮವೇ ಹರಿದುಬಂದಿತ್ತು. ಯುಯೋಜಕರಾದ ವೈಶಿಷ್ಟ್ಯ ಕೂಡ ಕಲ್ಪಿಸಲಾಗಿತ್ತು.

ಪುರಸಭೆಯ ವಿಶೇಷ ಸಭೆ
ಪುರಸಭೆ ಸಂಕೇಶ್ವರ - ಸಭಾ

ಸಂಕೇಶ್ವರ : ಪಟ್ಟಣದ ನಾಗರೀಕರಿಗೆ ಮೂಲ ಸೌಲಭ್ಯ ಕಲ್ಪಿಸಲು ಸರ್ಕಾರ ಎಸ್.ಎಫ್.ಸಿ. ಕ್ರಿಯಾ ಯೋಜನೆಗೆ ಪುರಸಭೆಯ ವಿಶೇಷ ಸಭೆಯಲ್ಲಿ ಕಾಮಗಾರಿಗಳ ಸರ್ವಾನುಮತದಿಂದ ಅನುಮೋದನೆ ನೀಡಲಾಯಿತು. ಪಟ್ಟಣದ ಪುರಸಭೆಯ ಸಭಾಭವನದಲ್ಲಿ ಅಧ್ಯಕ್ಷೆ ಸೀಮಾ ಹತನೂರಿ ಅವರ ಅಧ್ಯಕ್ಷತೆಯಲ್ಲಿ ನಡೆದ ಸಭೆಯಲ್ಲಿ ಎಸ್.ಎಫ್.ಸಿ ಮುಕ್ತನಿಧಿ ಅನುದಾನ ಜಡಬಡ ಕುರಿತು ಕ್ರಿಯಾ ಯೋಜನೆ ರೂಪಿಸುವ ಸಂಬಂಧ ಚರ್ಚೆಯಲ್ಲಿ ನಡೆಯಿತು. 15ನೇ ಹಣಕಾಸು ಕ್ರಿಯಾ ಯೋಜನೆಯಲ್ಲಿ 1.61 ಕೋಟಿ.ರೂ. ಎಸ್.ಎಫ್.ಸಿ. 8 ಲಕ್ಷ ರೂ. ಎಸ್.ಸಿ.ಎಸ್.ಪಿ 12 ಲಕ್ಷ ರೂ. ಟಿ.ಎಸ್.ಪಿ 5 ಲಕ್ಷರೂ. ಸೇರಿದಂತೆ ಒಟ್ಟು 1.86 ಕೋಟಿ ರೂ. ವೆಚ್ಚದ ಕ್ರಿಯಾ ಯೋಜನೆಗೆ ಅನುಮೋದನೆ ದೊರೆಕಿತು. ಪುರಸಭೆಯ ಮುಖ್ಯಾಧಿಕಾರಿಗಳಾದ ಪ್ರಕಾಶ ಮಠದ ಹಾಗೂ ಅಭಿಯಂತರ ಆರ್.ಬಿ.ಗಡದ್ ಕ್ರಿಯಾ ಯೋಜನೆ ಬಗ್ಗೆ ಸಭೆಗೆ ಮಾಹಿತಿ ನೀಡಿದರು. ಸದಸ್ಯರಾದ ದಿಲೀಪ್ ಹೊಸಮನಿ ಹಾಗೂ ಮಹೇಶ ಹಟ್ಟಿಹೊಳಿ ಮಾತನಾಡಿ, ವಾರದ ಪುಟ್ಟಪಾರಣ ಸಂತೆಯ ತೆರಿಗೆ ಹಣ (ವಾಪತಿ) ಸಂಗ್ರಹಿಸಲು ಪುರಸಭೆಯ ಕಂದಾಯ ಇಲಾಖೆಯ ಸಿಬ್ಬಂದಿ ಪಡೆಯುವ ಅಧಿಕಾರಿಗಳು ಕಟ್ಟೆಯಲ್ಲಿನ ಸಾರ್ವಜನಿಕರ ಕೆಲವರನ್ನು ಬಿಟ್ಟು 5-10 ರೂ.ವಸೂಲಿ ಮಾಡಲು ಹೋಗುವುದು ಬಂದ್

ಮಾಡಬೇಕು. ಇದರಿಂದ ಸಾರ್ವಜನಿಕರ ಸಾಮಾಜಿಕ ಮತ್ತು ಆರ್ಥಿಕ ತೊಂದರೆ ಆಗುತ್ತದೆ. ವಾರದ ಸಂತೆಯ ವಾಹನಗಳ ಸಂಚಾರ ಮತ್ತು ಬ್ಯಾಕ್‌ಕೋಲ ಕೊಂದಲು ತೆರಿಗೆ ಸಂಗ್ರಹಿಸಲು ಟೆಂಡರ್ ಕರೆಯಬೇಕು ಎಂದು ಒತ್ತಾಯಿಸಿದರು. ಕಳೆದ ಆರು ತಿಂಗಳಿಂದ ಹೊಸ ಓಣಿಯಲ್ಲಿನ ಒಳಚರಂಡಿ ಕಾಮಗಾರಿ ನನೆಗುದಿಗೆ ಬಿದ್ದಿದೆ. ಅದನ್ನು ಕೂಡಲೇ ಬಗ್ಗೆಹರಿಸಬೇಕು ಎಂದು ಸದಸ್ಯ ಸಂಗಿತಾ ಕೇಸಿ ಆಗ್ರಹಿಸಿದರು. ಸಭೆಯಲ್ಲಿ ಉಪಾಧ್ಯಕ್ಷ ವಿವೇಕ ಕಲ್ಲಟ್ಟಿ, ಸ್ಥಾಯಿ ಸಮಿತಿಯ ಅಧ್ಯಕ್ಷ ಪ್ರಮೋದ ಹೊಸಮನಿ, ಸದಸ್ಯರಾದ ಸಂಜಯ ಶಿರಕೋಳಿ, ಶಿವಾನಂದ ಮುಡಸಿ, ಸುನೀಲ ಪರ್ವತರಾವ, ಗಂಗಾರಾಮ ಭೂಸಗೋಳ, ಡಾ.ಜಯಪ್ರಕಾಶ ಕರಜಗಿ, ಜಿತಾನಂದ ಕರಬನ್ನವರ, ವಿನೋದ ನಾಯಿಕ, ಅವಿನಾಶ ನಲವಡೆ,ಶಿವ್ರಾಜ್ ಹುಲಕಲ್ಲಾಡುವುವ್ರಯೀನ ನೇಜಾ, ಶೇಖರ ಕಬ್ಬುಲಿ, ಮನೋರಮಾ ಸುಗಟೆ, ಲತಾ ಮರಡಿ ಸೇರಿದಂತೆ ಅನೇಕರು ಹಾಜರಿದ್ದರು.
